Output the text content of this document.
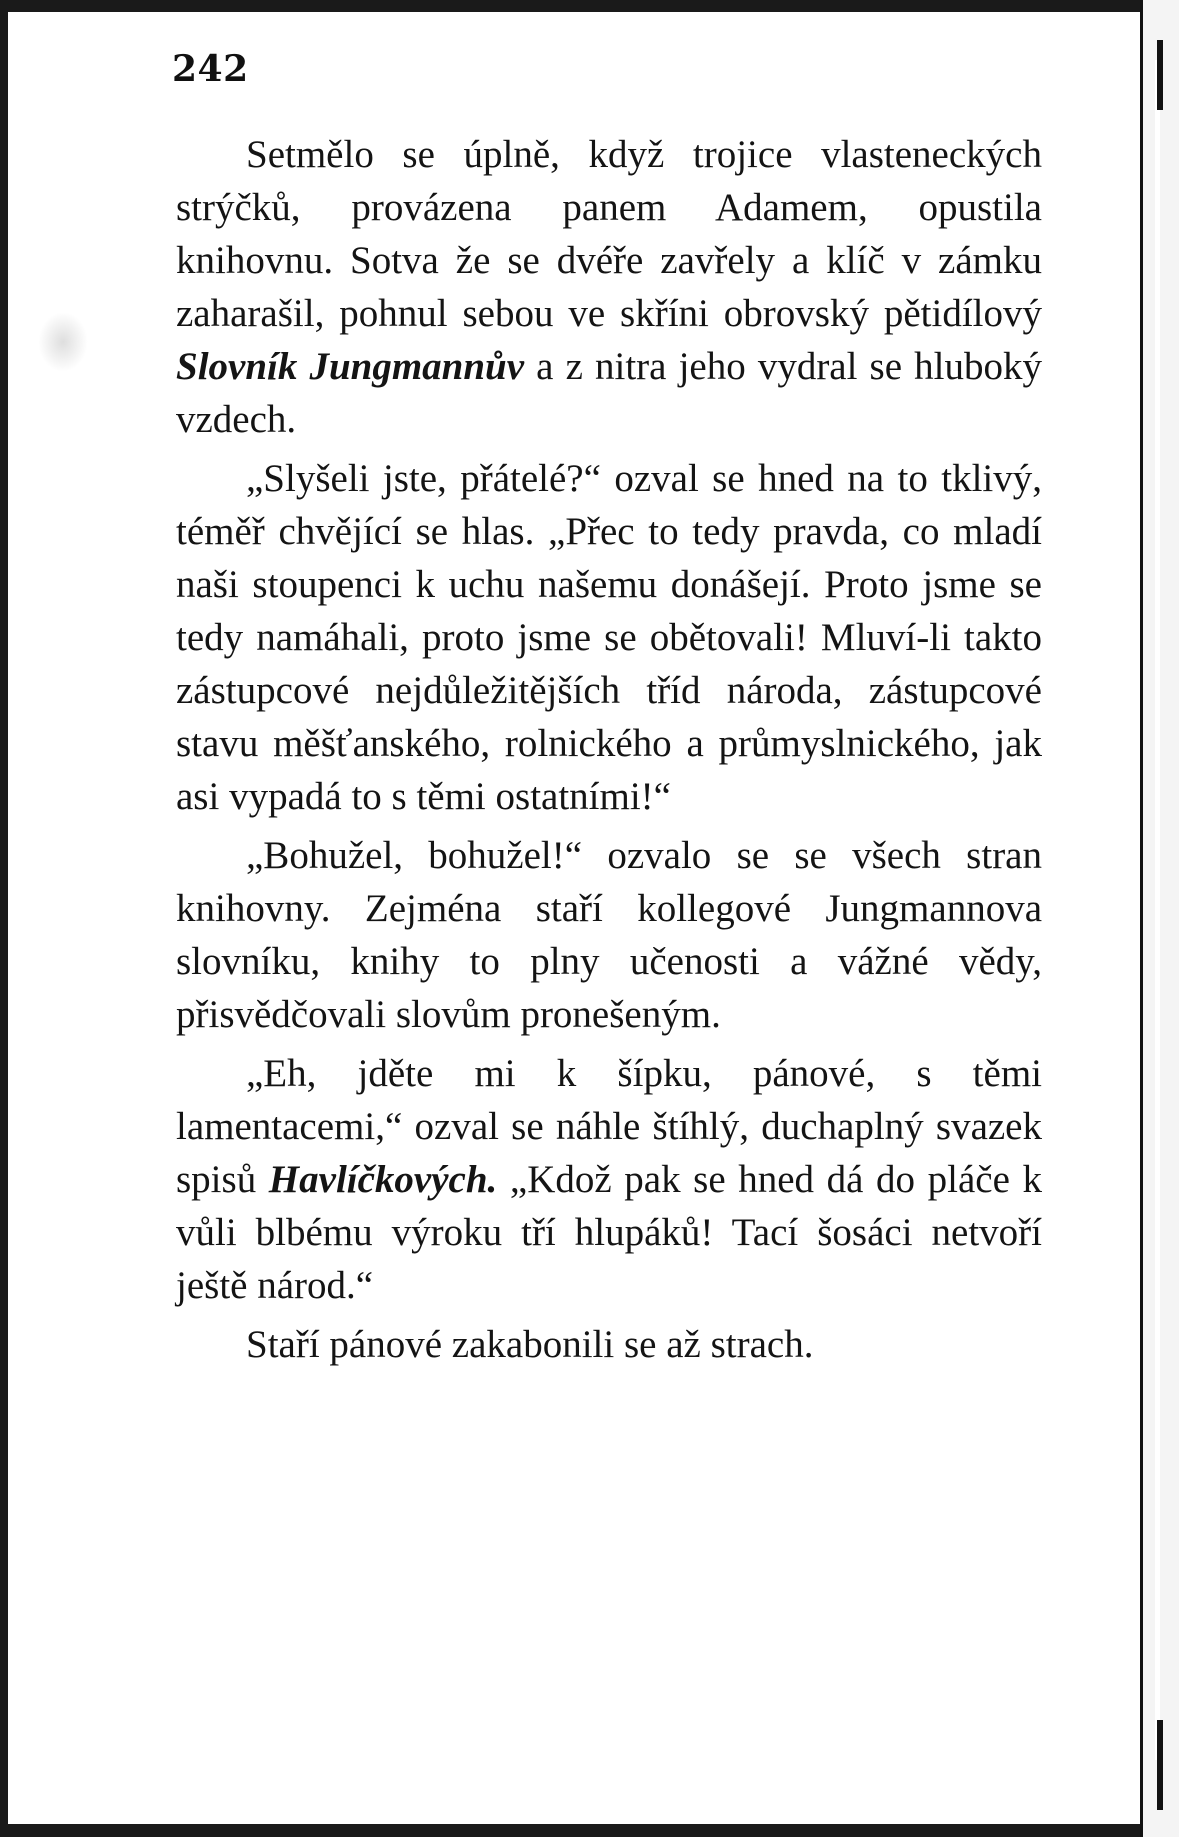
242

Setmělo se úplně, když trojice vlastenеckých strýčků, provázena panem Adamem, opustila knihovnu. Sotva že se dvéře zavřely a klíč v zámku zaharašil, pohnul sebou ve skříni obrovský pětidílový Slovník Jungmannův a z nitra jeho vydral se hluboký vzdech.

„Slyšeli jste, přátelé?“ ozval se hned na to tklivý, téměř chvějící se hlas. „Přec to tedy pravda, co mladí naši stoupenci k uchu našemu donášejí. Proto jsme se tedy namáhali, proto jsme se obětovali! Mluví-li takto zástupcové nejdůležitějších tříd národa, zástupcové stavu měšťanského, rolnického a průmyslnického, jak asi vypadá to s těmi ostatními!“

„Bohužel, bohužel!“ ozvalo se se všech stran knihovny. Zejména staří kollegové Jungmannova slovníku, knihy to plny učenosti a vážné vědy, přisvědčovali slovům pronešeným.

„Eh, jděte mi k šípku, pánové, s těmi lamentacemi,“ ozval se náhle štíhlý, duchaplný svazek spisů Havlíčkových. „Kdož pak se hned dá do pláče k vůli blbému výroku tří hlupáků! Tací šosáci netvoří ještě národ.“

Staří pánové zakabonili se až strach.
